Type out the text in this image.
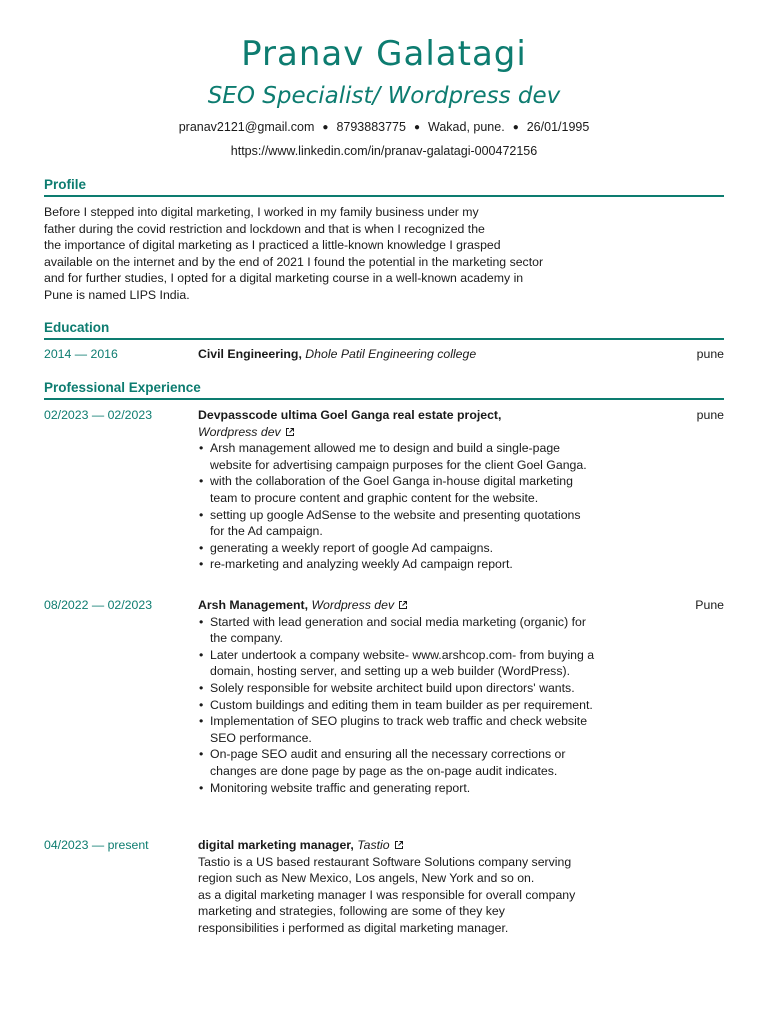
Pranav Galatagi
SEO Specialist/ Wordpress dev
pranav2121@gmail.com ● 8793883775 ● Wakad, pune. ● 26/01/1995
https://www.linkedin.com/in/pranav-galatagi-000472156
Profile
Before I stepped into digital marketing, I worked in my family business under my
father during the covid restriction and lockdown and that is when I recognized the
the importance of digital marketing as I practiced a little-known knowledge I grasped
available on the internet and by the end of 2021 I found the potential in the marketing sector
and for further studies, I opted for a digital marketing course in a well-known academy in
Pune is named LIPS India.
Education
2014 — 2016	Civil Engineering, Dhole Patil Engineering college	pune
Professional Experience
02/2023 — 02/2023	pune
Devpasscode ultima Goel Ganga real estate project,
Wordpress dev
• Arsh management allowed me to design and build a single-page website for advertising campaign purposes for the client Goel Ganga.
• with the collaboration of the Goel Ganga in-house digital marketing team to procure content and graphic content for the website.
• setting up google AdSense to the website and presenting quotations for the Ad campaign.
• generating a weekly report of google Ad campaigns.
• re-marketing and analyzing weekly Ad campaign report.
08/2022 — 02/2023	Pune
Arsh Management, Wordpress dev
• Started with lead generation and social media marketing (organic) for the company.
• Later undertook a company website- www.arshcop.com- from buying a domain, hosting server, and setting up a web builder (WordPress).
• Solely responsible for website architect build upon directors' wants.
• Custom buildings and editing them in team builder as per requirement.
• Implementation of SEO plugins to track web traffic and check website SEO performance.
• On-page SEO audit and ensuring all the necessary corrections or changes are done page by page as the on-page audit indicates.
• Monitoring website traffic and generating report.
04/2023 — present	digital marketing manager, Tastio
Tastio is a US based restaurant Software Solutions company serving
region such as New Mexico, Los angels, New York and so on.
as a digital marketing manager I was responsible for overall company
marketing and strategies, following are some of they key
responsibilities i performed as digital marketing manager.
